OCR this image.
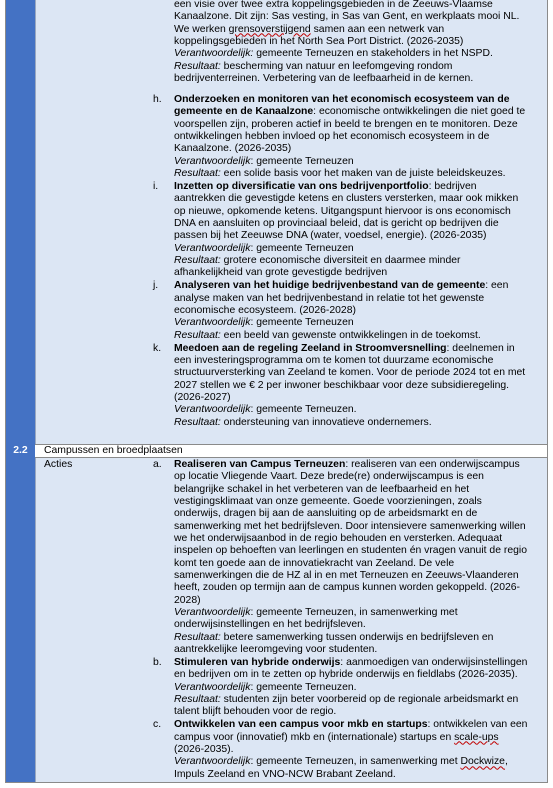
een visie over twee extra koppelingsgebieden in de Zeeuws-Vlaamse
Kanaalzone. Dit zijn: Sas vesting, in Sas van Gent, en werkplaats mooi NL.
We werken grensoverstijgend samen aan een netwerk van
koppelingsgebieden in het North Sea Port District. (2026-2035)
Verantwoordelijk: gemeente Terneuzen en stakeholders in het NSPD.
Resultaat: bescherming van natuur en leefomgeving rondom
bedrijventerreinen. Verbetering van de leefbaarheid in de kernen.
h. Onderzoeken en monitoren van het economisch ecosysteem van de
gemeente en de Kanaalzone: economische ontwikkelingen die niet goed te
voorspellen zijn, proberen actief in beeld te brengen en te monitoren. Deze
ontwikkelingen hebben invloed op het economisch ecosysteem in de
Kanaalzone. (2026-2035)
Verantwoordelijk: gemeente Terneuzen
Resultaat: een solide basis voor het maken van de juiste beleidskeuzes.
i. Inzetten op diversificatie van ons bedrijvenportfolio: bedrijven
aantrekken die gevestigde ketens en clusters versterken, maar ook mikken
op nieuwe, opkomende ketens. Uitgangspunt hiervoor is ons economisch
DNA en aansluiten op provinciaal beleid, dat is gericht op bedrijven die
passen bij het Zeeuwse DNA (water, voedsel, energie). (2026-2035)
Verantwoordelijk: gemeente Terneuzen
Resultaat: grotere economische diversiteit en daarmee minder
afhankelijkheid van grote gevestigde bedrijven
j. Analyseren van het huidige bedrijvenbestand van de gemeente: een
analyse maken van het bedrijvenbestand in relatie tot het gewenste
economische ecosysteem. (2026-2028)
Verantwoordelijk: gemeente Terneuzen
Resultaat: een beeld van gewenste ontwikkelingen in de toekomst.
k. Meedoen aan de regeling Zeeland in Stroomversnelling: deelnemen in
een investeringsprogramma om te komen tot duurzame economische
structuurversterking van Zeeland te komen. Voor de periode 2024 tot en met
2027 stellen we € 2 per inwoner beschikbaar voor deze subsidieregeling.
(2026-2027)
Verantwoordelijk: gemeente Terneuzen.
Resultaat: ondersteuning van innovatieve ondernemers.
2.2	Campussen en broedplaatsen
Acties	a. Realiseren van Campus Terneuzen: realiseren van een onderwijscampus
op locatie Vliegende Vaart. Deze brede(re) onderwijscampus is een
belangrijke schakel in het verbeteren van de leefbaarheid en het
vestigingsklimaat van onze gemeente. Goede voorzieningen, zoals
onderwijs, dragen bij aan de aansluiting op de arbeidsmarkt en de
samenwerking met het bedrijfsleven. Door intensievere samenwerking willen
we het onderwijsaanbod in de regio behouden en versterken. Adequaat
inspelen op behoeften van leerlingen en studenten én vragen vanuit de regio
komt ten goede aan de innovatiekracht van Zeeland. De vele
samenwerkingen die de HZ al in en met Terneuzen en Zeeuws-Vlaanderen
heeft, zouden op termijn aan de campus kunnen worden gekoppeld. (2026-
2028)
Verantwoordelijk: gemeente Terneuzen, in samenwerking met
onderwijsinstellingen en het bedrijfsleven.
Resultaat: betere samenwerking tussen onderwijs en bedrijfsleven en
aantrekkelijke leeromgeving voor studenten.
b. Stimuleren van hybride onderwijs: aanmoedigen van onderwijsinstellingen
en bedrijven om in te zetten op hybride onderwijs en fieldlabs (2026-2035).
Verantwoordelijk: gemeente Terneuzen.
Resultaat: studenten zijn beter voorbereid op de regionale arbeidsmarkt en
talent blijft behouden voor de regio.
c. Ontwikkelen van een campus voor mkb en startups: ontwikkelen van een
campus voor (innovatief) mkb en (internationale) startups en scale-ups
(2026-2035).
Verantwoordelijk: gemeente Terneuzen, in samenwerking met Dockwize,
Impuls Zeeland en VNO-NCW Brabant Zeeland.
